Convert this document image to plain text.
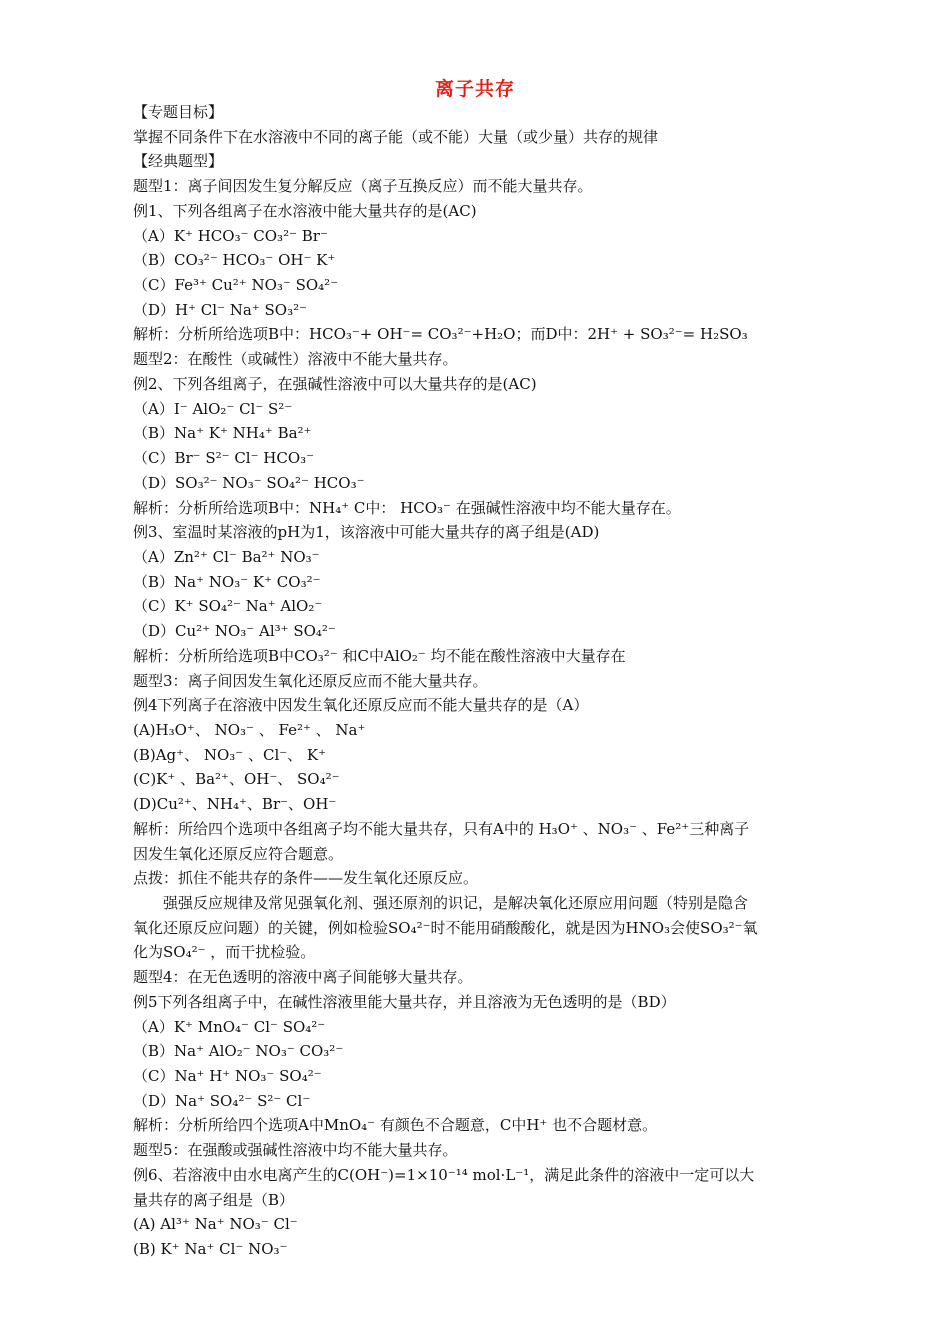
离子共存
【专题目标】
掌握不同条件下在水溶液中不同的离子能（或不能）大量（或少量）共存的规律
【经典题型】
题型1：离子间因发生复分解反应（离子互换反应）而不能大量共存。
例1、下列各组离子在水溶液中能大量共存的是(AC)
（A）K⁺ HCO₃⁻ CO₃²⁻ Br⁻
（B）CO₃²⁻ HCO₃⁻ OH⁻ K⁺
（C）Fe³⁺ Cu²⁺ NO₃⁻ SO₄²⁻
（D）H⁺ Cl⁻ Na⁺ SO₃²⁻
解析：分析所给选项B中：HCO₃⁻+ OH⁻= CO₃²⁻+H₂O；而D中：2H⁺ + SO₃²⁻= H₂SO₃
题型2：在酸性（或碱性）溶液中不能大量共存。
例2、下列各组离子，在强碱性溶液中可以大量共存的是(AC)
（A）I⁻ AlO₂⁻ Cl⁻ S²⁻
（B）Na⁺ K⁺ NH₄⁺ Ba²⁺
（C）Br⁻ S²⁻ Cl⁻ HCO₃⁻
（D）SO₃²⁻ NO₃⁻ SO₄²⁻ HCO₃⁻
解析：分析所给选项B中：NH₄⁺ C中： HCO₃⁻ 在强碱性溶液中均不能大量存在。
例3、室温时某溶液的pH为1，该溶液中可能大量共存的离子组是(AD)
（A）Zn²⁺ Cl⁻ Ba²⁺ NO₃⁻
（B）Na⁺ NO₃⁻ K⁺ CO₃²⁻
（C）K⁺ SO₄²⁻ Na⁺ AlO₂⁻
（D）Cu²⁺ NO₃⁻ Al³⁺ SO₄²⁻
解析：分析所给选项B中CO₃²⁻ 和C中AlO₂⁻ 均不能在酸性溶液中大量存在
题型3：离子间因发生氧化还原反应而不能大量共存。
例4下列离子在溶液中因发生氧化还原反应而不能大量共存的是（A）
(A)H₃O⁺、 NO₃⁻ 、 Fe²⁺ 、 Na⁺
(B)Ag⁺、 NO₃⁻ 、Cl⁻、 K⁺
(C)K⁺ 、Ba²⁺、OH⁻、 SO₄²⁻
(D)Cu²⁺、NH₄⁺、Br⁻、OH⁻
解析：所给四个选项中各组离子均不能大量共存，只有A中的 H₃O⁺ 、NO₃⁻ 、Fe²⁺三种离子
因发生氧化还原反应符合题意。
点拨：抓住不能共存的条件——发生氧化还原反应。
强强反应规律及常见强氧化剂、强还原剂的识记，是解决氧化还原应用问题（特别是隐含
氧化还原反应问题）的关键，例如检验SO₄²⁻时不能用硝酸酸化，就是因为HNO₃会使SO₃²⁻氧
化为SO₄²⁻ ，而干扰检验。
题型4：在无色透明的溶液中离子间能够大量共存。
例5下列各组离子中，在碱性溶液里能大量共存，并且溶液为无色透明的是（BD）
（A）K⁺ MnO₄⁻ Cl⁻ SO₄²⁻
（B）Na⁺ AlO₂⁻ NO₃⁻ CO₃²⁻
（C）Na⁺ H⁺ NO₃⁻ SO₄²⁻
（D）Na⁺ SO₄²⁻ S²⁻ Cl⁻
解析：分析所给四个选项A中MnO₄⁻ 有颜色不合题意，C中H⁺ 也不合题材意。
题型5：在强酸或强碱性溶液中均不能大量共存。
例6、若溶液中由水电离产生的C(OH⁻)=1×10⁻¹⁴ mol·L⁻¹，满足此条件的溶液中一定可以大
量共存的离子组是（B）
(A) Al³⁺ Na⁺ NO₃⁻ Cl⁻
(B) K⁺ Na⁺ Cl⁻ NO₃⁻
